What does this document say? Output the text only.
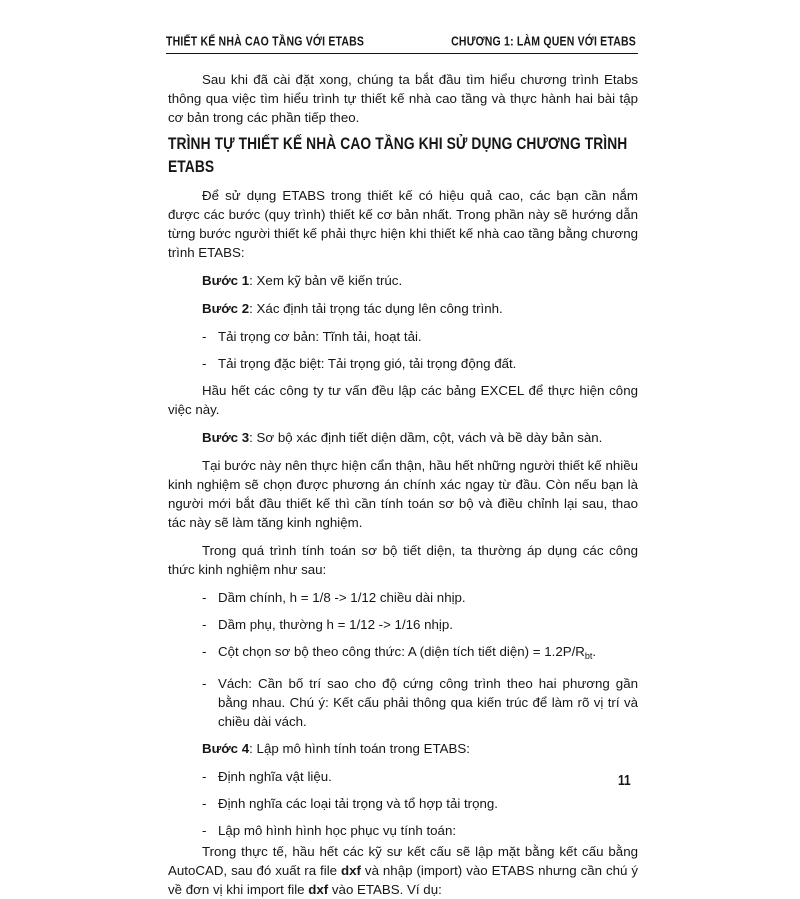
THIẾT KẾ NHÀ CAO TẦNG VỚI ETABS	CHƯƠNG 1: LÀM QUEN VỚI ETABS

Sau khi đã cài đặt xong, chúng ta bắt đầu tìm hiểu chương trình Etabs thông qua việc tìm hiểu trình tự thiết kế nhà cao tầng và thực hành hai bài tập cơ bản trong các phần tiếp theo.

TRÌNH TỰ THIẾT KẾ NHÀ CAO TẦNG KHI SỬ DỤNG CHƯƠNG TRÌNH ETABS

Để sử dụng ETABS trong thiết kế có hiệu quả cao, các bạn cần nắm được các bước (quy trình) thiết kế cơ bản nhất. Trong phần này sẽ hướng dẫn từng bước người thiết kế phải thực hiện khi thiết kế nhà cao tầng bằng chương trình ETABS:

Bước 1: Xem kỹ bản vẽ kiến trúc.

Bước 2: Xác định tải trọng tác dụng lên công trình.

- Tải trọng cơ bản: Tĩnh tải, hoạt tải.
- Tải trọng đặc biệt: Tải trọng gió, tải trọng động đất.

Hầu hết các công ty tư vấn đều lập các bảng EXCEL để thực hiện công việc này.

Bước 3: Sơ bộ xác định tiết diện dầm, cột, vách và bề dày bản sàn.

Tại bước này nên thực hiện cẩn thận, hầu hết những người thiết kế nhiều kinh nghiệm sẽ chọn được phương án chính xác ngay từ đầu. Còn nếu bạn là người mới bắt đầu thiết kế thì cần tính toán sơ bộ và điều chỉnh lại sau, thao tác này sẽ làm tăng kinh nghiệm.

Trong quá trình tính toán sơ bộ tiết diện, ta thường áp dụng các công thức kinh nghiệm như sau:

- Dầm chính, h = 1/8 -> 1/12 chiều dài nhịp.
- Dầm phụ, thường h = 1/12 -> 1/16 nhịp.
- Cột chọn sơ bộ theo công thức: A (diện tích tiết diện) = $1.2P/R_{bt}$.
- Vách: Cần bố trí sao cho độ cứng công trình theo hai phương gần bằng nhau. Chú ý: Kết cấu phải thông qua kiến trúc để làm rõ vị trí và chiều dài vách.

Bước 4: Lập mô hình tính toán trong ETABS:

- Định nghĩa vật liệu.
- Định nghĩa các loại tải trọng và tổ hợp tải trọng.
- Lập mô hình hình học phục vụ tính toán:

Trong thực tế, hầu hết các kỹ sư kết cấu sẽ lập mặt bằng kết cấu bằng AutoCAD, sau đó xuất ra file dxf và nhập (import) vào ETABS nhưng cần chú ý về đơn vị khi import file dxf vào ETABS. Ví dụ:

11
